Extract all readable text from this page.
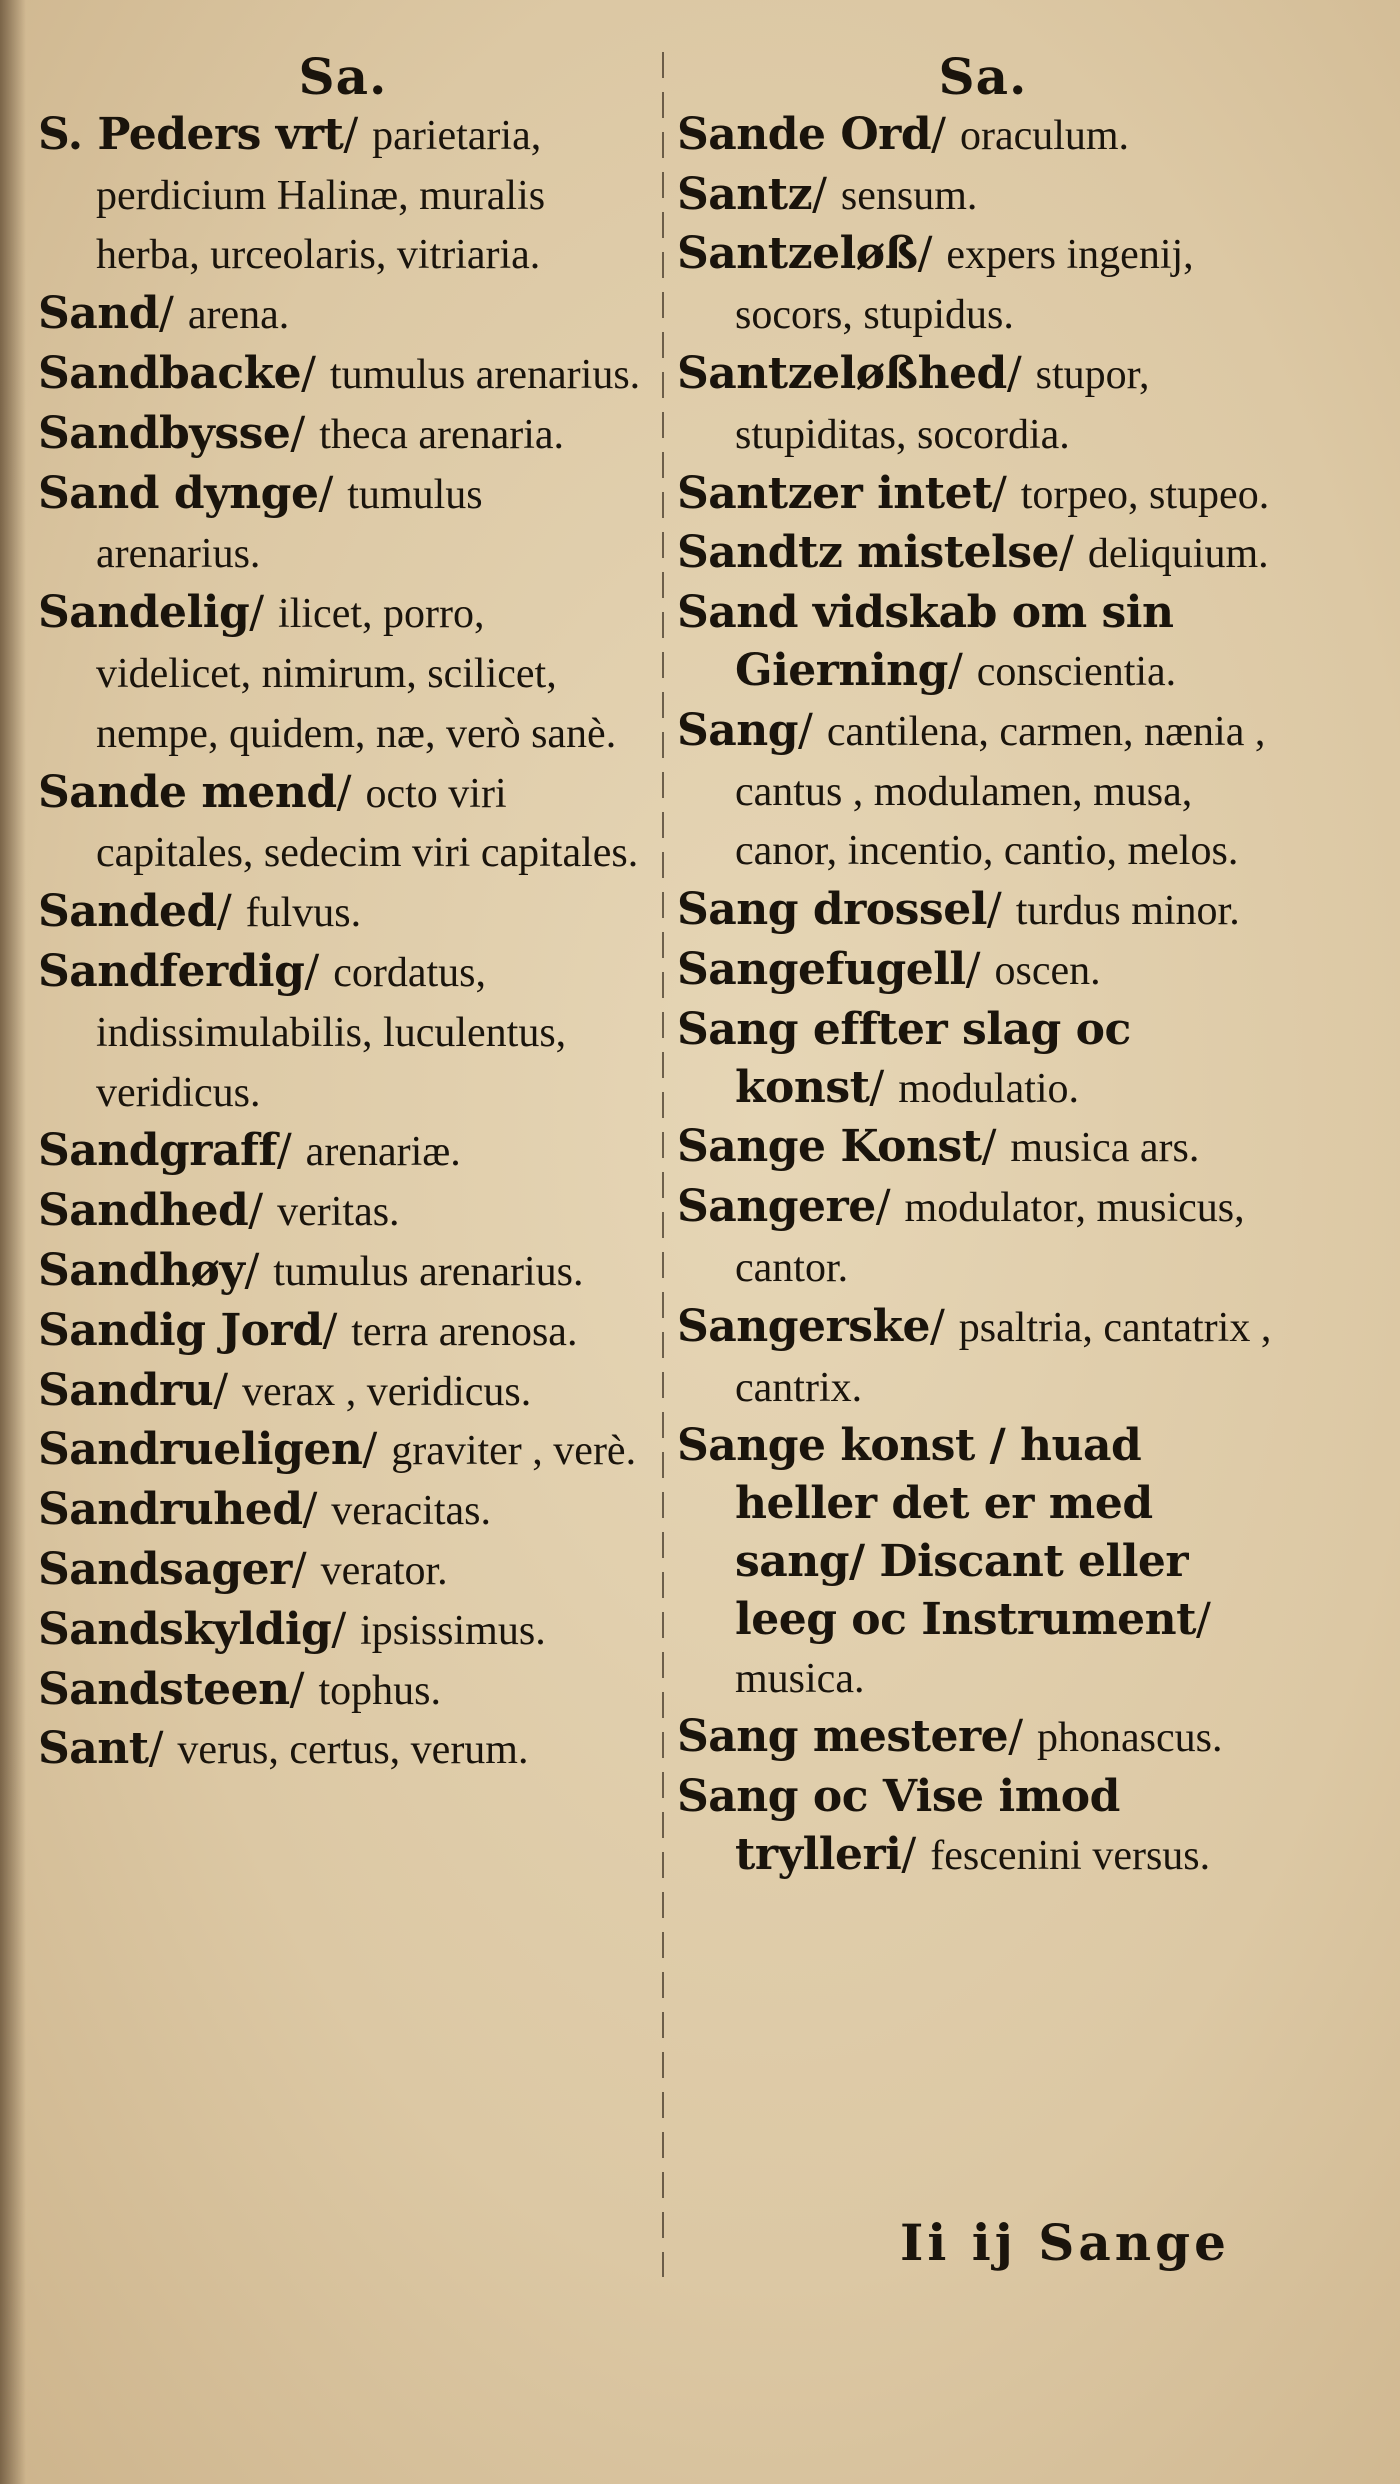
Sa.

S. Peders vrt/ parietaria, perdicium Halinæ, muralis herba, urceolaris, vitriaria.

Sand/ arena.

Sandbacke/ tumulus arenarius.

Sandbysse/ theca arenaria.

Sand dynge/ tumulus arenarius.

Sandelig/ ilicet, porro, videlicet, nimirum, scilicet, nempe, quidem, næ, verò sanè.

Sande mend/ octo viri capitales, sedecim viri capitales.

Sanded/ fulvus.

Sandferdig/ cordatus, indissimulabilis, luculentus, veridicus.

Sandgraff/ arenariæ.

Sandhed/ veritas.

Sandhøy/ tumulus arenarius.

Sandig Jord/ terra arenosa.

Sandru/ verax , veridicus.

Sandrueligen/ graviter , verè.

Sandruhed/ veracitas.

Sandsager/ verator.

Sandskyldig/ ipsissimus.

Sandsteen/ tophus.

Sant/ verus, certus, verum.

Sa.

Sande Ord/ oraculum.

Santz/ sensum.

Santzeløß/ expers ingenij, socors, stupidus.

Santzeløßhed/ stupor, stupiditas, socordia.

Santzer intet/ torpeo, stupeo.

Sandtz mistelse/ deliquium.

Sand vidskab om sin Gierning/ conscientia.

Sang/ cantilena, carmen, nænia , cantus , modulamen, musa, canor, incentio, cantio, melos.

Sang drossel/ turdus minor.

Sangefugell/ oscen.

Sang effter slag oc konst/ modulatio.

Sange Konst/ musica ars.

Sangere/ modulator, musicus, cantor.

Sangerske/ psaltria, cantatrix , cantrix.

Sange konst / huad heller det er med sang/ Discant eller leeg oc Instrument/ musica.

Sang mestere/ phonascus.

Sang oc Vise imod trylleri/ fescenini versus.

Ii ij Sange
